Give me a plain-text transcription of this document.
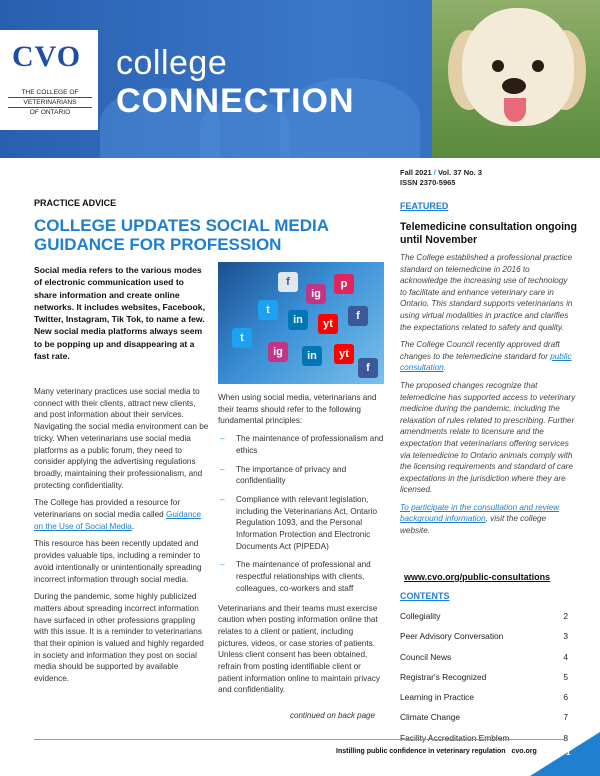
CVO
THE COLLEGE OF
VETERINARIANS
OF ONTARIO
college
CONNECTION
Fall 2021 / Vol. 37 No. 3
ISSN 2370-5965
PRACTICE ADVICE
COLLEGE UPDATES SOCIAL MEDIA GUIDANCE FOR PROFESSION
Social media refers to the various modes of electronic communication used to share information and create online networks. It includes websites, Facebook, Twitter, Instagram, Tik Tok, to name a few. New social media platforms always seem to be popping up and disappearing at a fast rate.

Many veterinary practices use social media to connect with their clients, attract new clients, and post information about their services. Navigating the social media environment can be tricky. When veterinarians use social media platforms as a public forum, they need to consider applying the advertising regulations broadly, maintaining their professionalism, and protecting confidentiality.

The College has provided a resource for veterinarians on social media called Guidance on the Use of Social Media.

This resource has been recently updated and provides valuable tips, including a reminder to avoid intentionally or unintentionally spreading incorrect information through social media.

During the pandemic, some highly publicized matters about spreading incorrect information have surfaced in other professions grappling with this issue. It is a reminder to veterinarians that their opinion is valued and highly regarded in society and information they post on social media should be supported by available evidence.

f
ig
p
t
in	yt
f
t
ig	in	yt
f

When using social media, veterinarians and their teams should refer to the following fundamental principles:

– The maintenance of professionalism and ethics
– The importance of privacy and confidentiality
– Compliance with relevant legislation, including the Veterinarians Act, Ontario Regulation 1093, and the Personal Information Protection and Electronic Documents Act (PIPEDA)
– The maintenance of professional and respectful relationships with clients, colleagues, co-workers and staff

Veterinarians and their teams must exercise caution when posting information online that relates to a client or patient, including pictures, videos, or case stories of patients. Unless client consent has been obtained, refrain from posting identifiable client or patient information online to maintain privacy and confidentiality.

continued on back page
FEATURED
Telemedicine consultation ongoing until November

The College established a professional practice standard on telemedicine in 2016 to acknowledge the increasing use of technology to facilitate and enhance veterinary care in Ontario. This standard supports veterinarians in using virtual modalities in practice and clarifies the expectations related to safety and quality.

The College Council recently approved draft changes to the telemedicine standard for public consultation.

The proposed changes recognize that telemedicine has supported access to veterinary medicine during the pandemic, including the relaxation of rules related to prescribing. Further amendments relate to licensure and the expectation that veterinarians offering services via telemedicine to Ontario animals comply with the licensing requirements and standard of care expectations in the jurisdiction where they are licensed.

To participate in the consultation and review background information, visit the college website.

www.cvo.org/public-consultations
CONTENTS
Collegiality	2
Peer Advisory Conversation	3
Council News	4
Registrar's Recognized	5
Learning in Practice	6
Climate Change	7
Facility Accreditation Emblem	8
Instilling public confidence in veterinary regulation cvo.org	1
